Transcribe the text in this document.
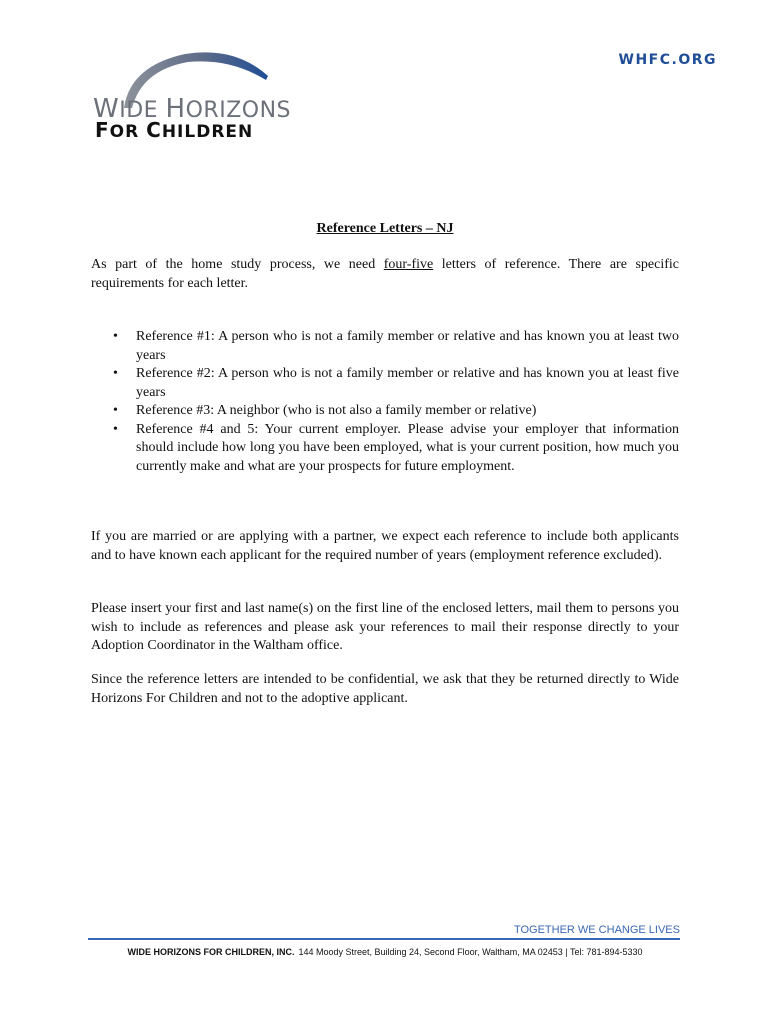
WHFC.ORG
WIDE HORIZONS
FOR CHILDREN
Reference Letters – NJ

As part of the home study process, we need four-five letters of reference. There are specific requirements for each letter.

• Reference #1: A person who is not a family member or relative and has known you at least two years
• Reference #2: A person who is not a family member or relative and has known you at least five years
• Reference #3: A neighbor (who is not also a family member or relative)
• Reference #4 and 5: Your current employer. Please advise your employer that information should include how long you have been employed, what is your current position, how much you currently make and what are your prospects for future employment.

If you are married or are applying with a partner, we expect each reference to include both applicants and to have known each applicant for the required number of years (employment reference excluded).

Please insert your first and last name(s) on the first line of the enclosed letters, mail them to persons you wish to include as references and please ask your references to mail their response directly to your Adoption Coordinator in the Waltham office.

Since the reference letters are intended to be confidential, we ask that they be returned directly to Wide Horizons For Children and not to the adoptive applicant.

TOGETHER WE CHANGE LIVES
WIDE HORIZONS FOR CHILDREN, INC. 144 Moody Street, Building 24, Second Floor, Waltham, MA 02453 | Tel: 781-894-5330
